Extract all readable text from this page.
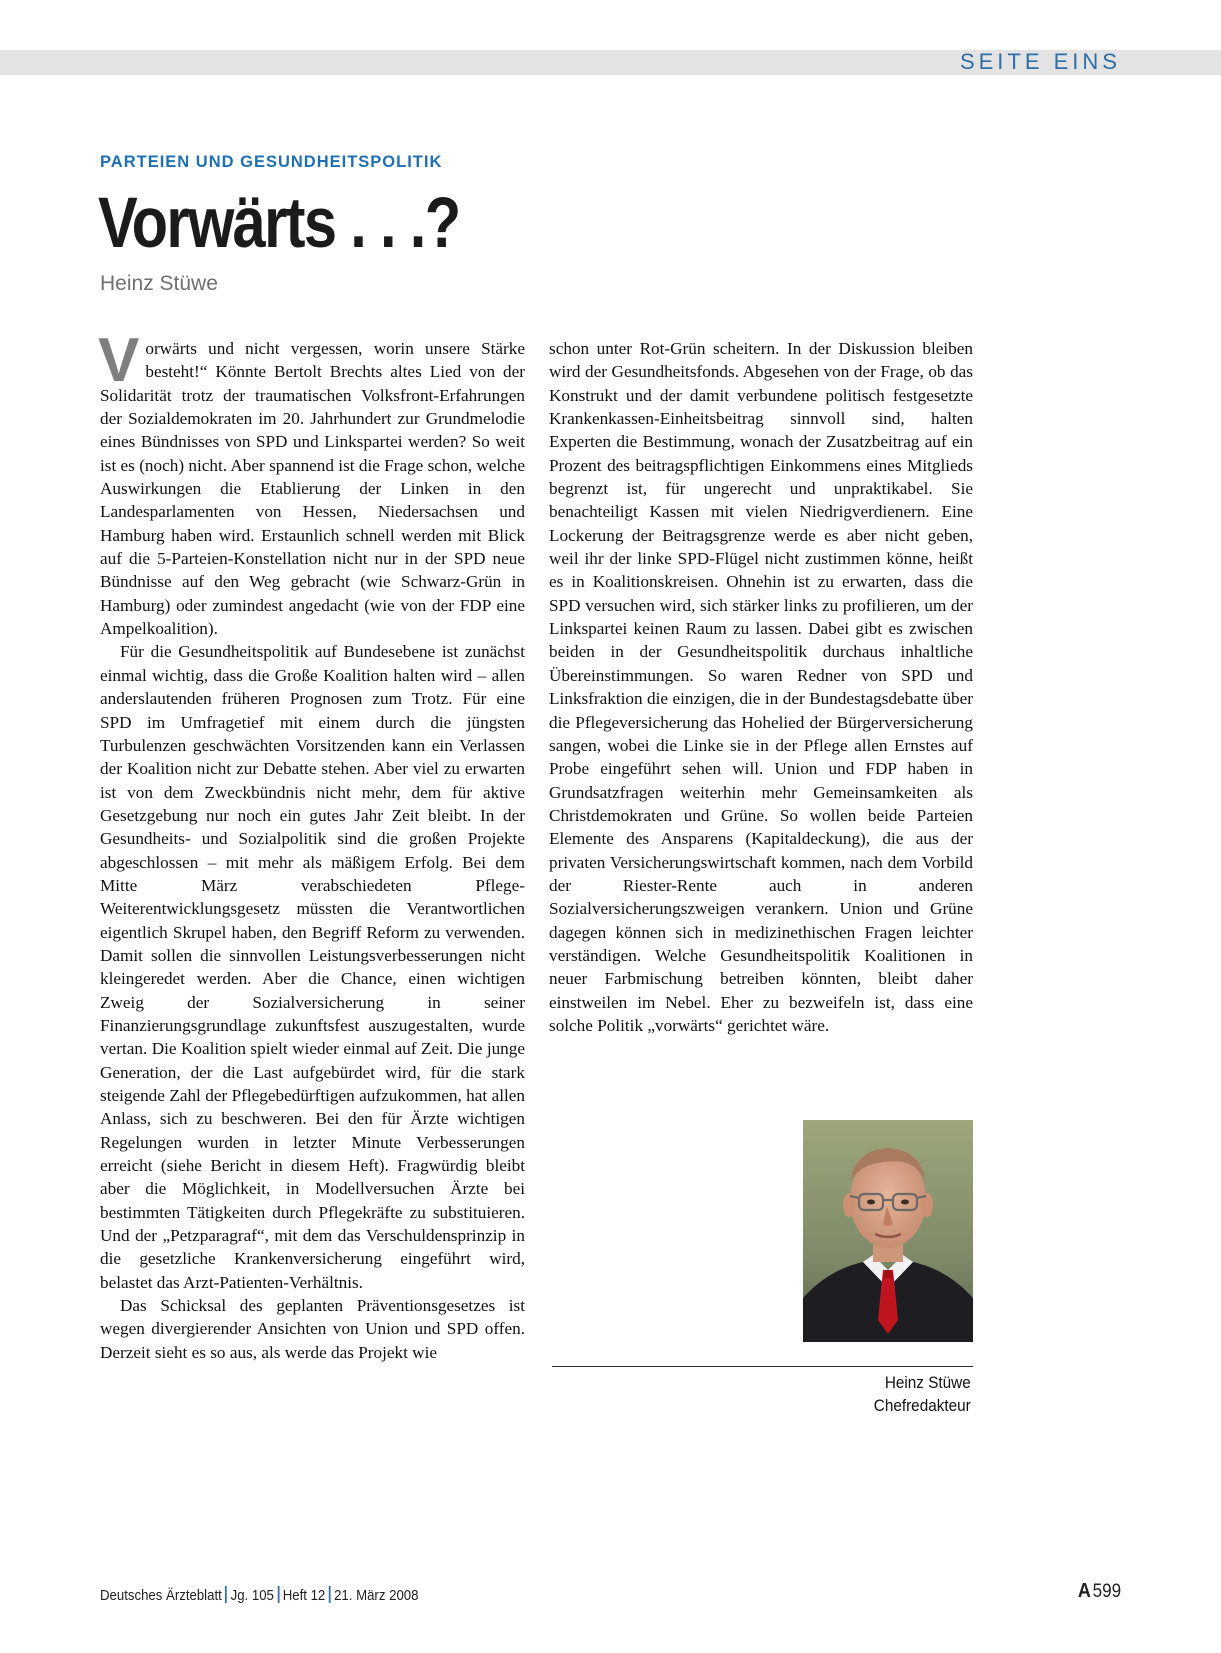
SEITE EINS
PARTEIEN UND GESUNDHEITSPOLITIK
Vorwärts . . .?
Heinz Stüwe

Vorwärts und nicht vergessen, worin unsere Stärke besteht!“ Könnte Bertolt Brechts altes Lied von der Solidarität trotz der traumatischen Volksfront-Erfahrungen der Sozialdemokraten im 20. Jahrhundert zur Grundmelodie eines Bündnisses von SPD und Linkspartei werden? So weit ist es (noch) nicht. Aber spannend ist die Frage schon, welche Auswirkungen die Etablierung der Linken in den Landesparlamenten von Hessen, Niedersachsen und Hamburg haben wird. Erstaunlich schnell werden mit Blick auf die 5-Parteien-Konstellation nicht nur in der SPD neue Bündnisse auf den Weg gebracht (wie Schwarz-Grün in Hamburg) oder zumindest angedacht (wie von der FDP eine Ampelkoalition).

Für die Gesundheitspolitik auf Bundesebene ist zunächst einmal wichtig, dass die Große Koalition halten wird – allen anderslautenden früheren Prognosen zum Trotz. Für eine SPD im Umfragetief mit einem durch die jüngsten Turbulenzen geschwächten Vorsitzenden kann ein Verlassen der Koalition nicht zur Debatte stehen. Aber viel zu erwarten ist von dem Zweckbündnis nicht mehr, dem für aktive Gesetzgebung nur noch ein gutes Jahr Zeit bleibt. In der Gesundheits- und Sozialpolitik sind die großen Projekte abgeschlossen – mit mehr als mäßigem Erfolg. Bei dem Mitte März verabschiedeten Pflege-Weiterentwicklungsgesetz müssten die Verantwortlichen eigentlich Skrupel haben, den Begriff Reform zu verwenden. Damit sollen die sinnvollen Leistungsverbesserungen nicht kleingeredet werden. Aber die Chance, einen wichtigen Zweig der Sozialversicherung in seiner Finanzierungsgrundlage zukunftsfest auszugestalten, wurde vertan. Die Koalition spielt wieder einmal auf Zeit. Die junge Generation, der die Last aufgebürdet wird, für die stark steigende Zahl der Pflegebedürftigen aufzukommen, hat allen Anlass, sich zu beschweren. Bei den für Ärzte wichtigen Regelungen wurden in letzter Minute Verbesserungen erreicht (siehe Bericht in diesem Heft). Fragwürdig bleibt aber die Möglichkeit, in Modellversuchen Ärzte bei bestimmten Tätigkeiten durch Pflegekräfte zu substituieren. Und der „Petzparagraf“, mit dem das Verschuldensprinzip in die gesetzliche Krankenversicherung eingeführt wird, belastet das Arzt-Patienten-Verhältnis.

Das Schicksal des geplanten Präventionsgesetzes ist wegen divergierender Ansichten von Union und SPD offen. Derzeit sieht es so aus, als werde das Projekt wie

schon unter Rot-Grün scheitern. In der Diskussion bleiben wird der Gesundheitsfonds. Abgesehen von der Frage, ob das Konstrukt und der damit verbundene politisch festgesetzte Krankenkassen-Einheitsbeitrag sinnvoll sind, halten Experten die Bestimmung, wonach der Zusatzbeitrag auf ein Prozent des beitragspflichtigen Einkommens eines Mitglieds begrenzt ist, für ungerecht und unpraktikabel. Sie benachteiligt Kassen mit vielen Niedrigverdienern. Eine Lockerung der Beitragsgrenze werde es aber nicht geben, weil ihr der linke SPD-Flügel nicht zustimmen könne, heißt es in Koalitionskreisen. Ohnehin ist zu erwarten, dass die SPD versuchen wird, sich stärker links zu profilieren, um der Linkspartei keinen Raum zu lassen. Dabei gibt es zwischen beiden in der Gesundheitspolitik durchaus inhaltliche Übereinstimmungen. So waren Redner von SPD und Linksfraktion die einzigen, die in der Bundestagsdebatte über die Pflegeversicherung das Hohelied der Bürgerversicherung sangen, wobei die Linke sie in der Pflege allen Ernstes auf Probe eingeführt sehen will. Union und FDP haben in Grundsatzfragen weiterhin mehr Gemeinsamkeiten als Christdemokraten und Grüne. So wollen beide Parteien Elemente des Ansparens (Kapitaldeckung), die aus der privaten Versicherungswirtschaft kommen, nach dem Vorbild der Riester-Rente auch in anderen Sozialversicherungszweigen verankern. Union und Grüne dagegen können sich in medizinethischen Fragen leichter verständigen. Welche Gesundheitspolitik Koalitionen in neuer Farbmischung betreiben könnten, bleibt daher einstweilen im Nebel. Eher zu bezweifeln ist, dass eine solche Politik „vorwärts“ gerichtet wäre.

Heinz Stüwe
Chefredakteur
Deutsches Ärzteblatt Jg. 105 Heft 12 21. März 2008	A599
